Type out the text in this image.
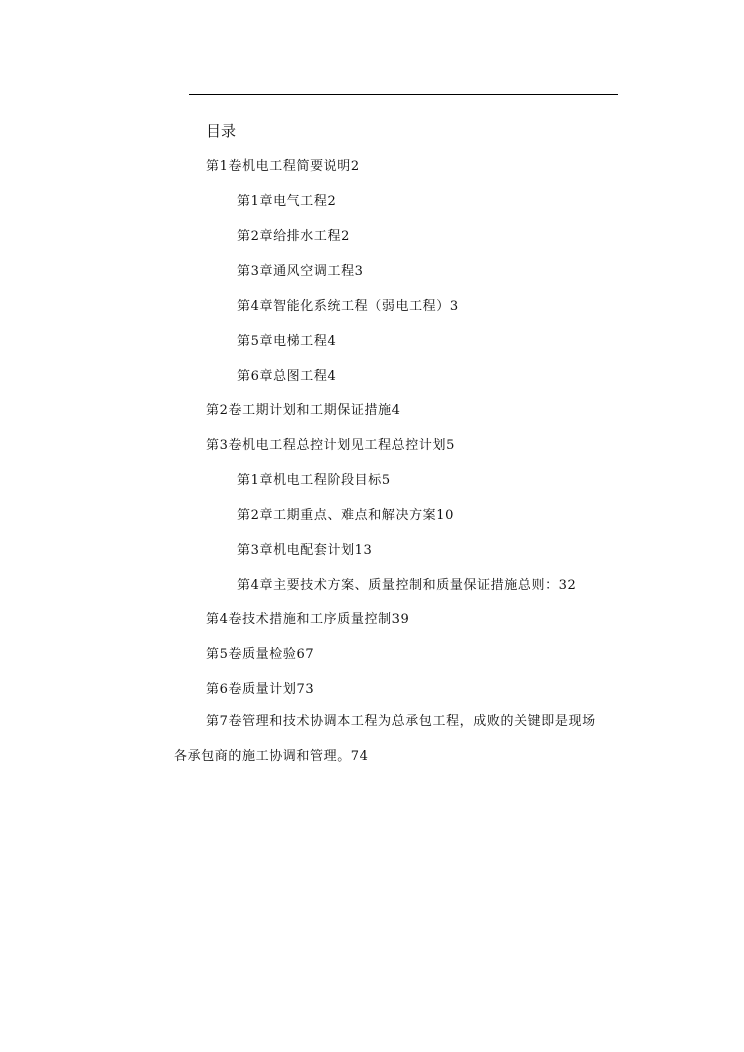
目录
第1卷机电工程简要说明2
第1章电气工程2
第2章给排水工程2
第3章通风空调工程3
第4章智能化系统工程（弱电工程）3
第5章电梯工程4
第6章总图工程4
第2卷工期计划和工期保证措施4
第3卷机电工程总控计划见工程总控计划5
第1章机电工程阶段目标5
第2章工期重点、难点和解决方案10
第3章机电配套计划13
第4章主要技术方案、质量控制和质量保证措施总则：32
第4卷技术措施和工序质量控制39
第5卷质量检验67
第6卷质量计划73
第7卷管理和技术协调本工程为总承包工程，成败的关键即是现场
各承包商的施工协调和管理。74
